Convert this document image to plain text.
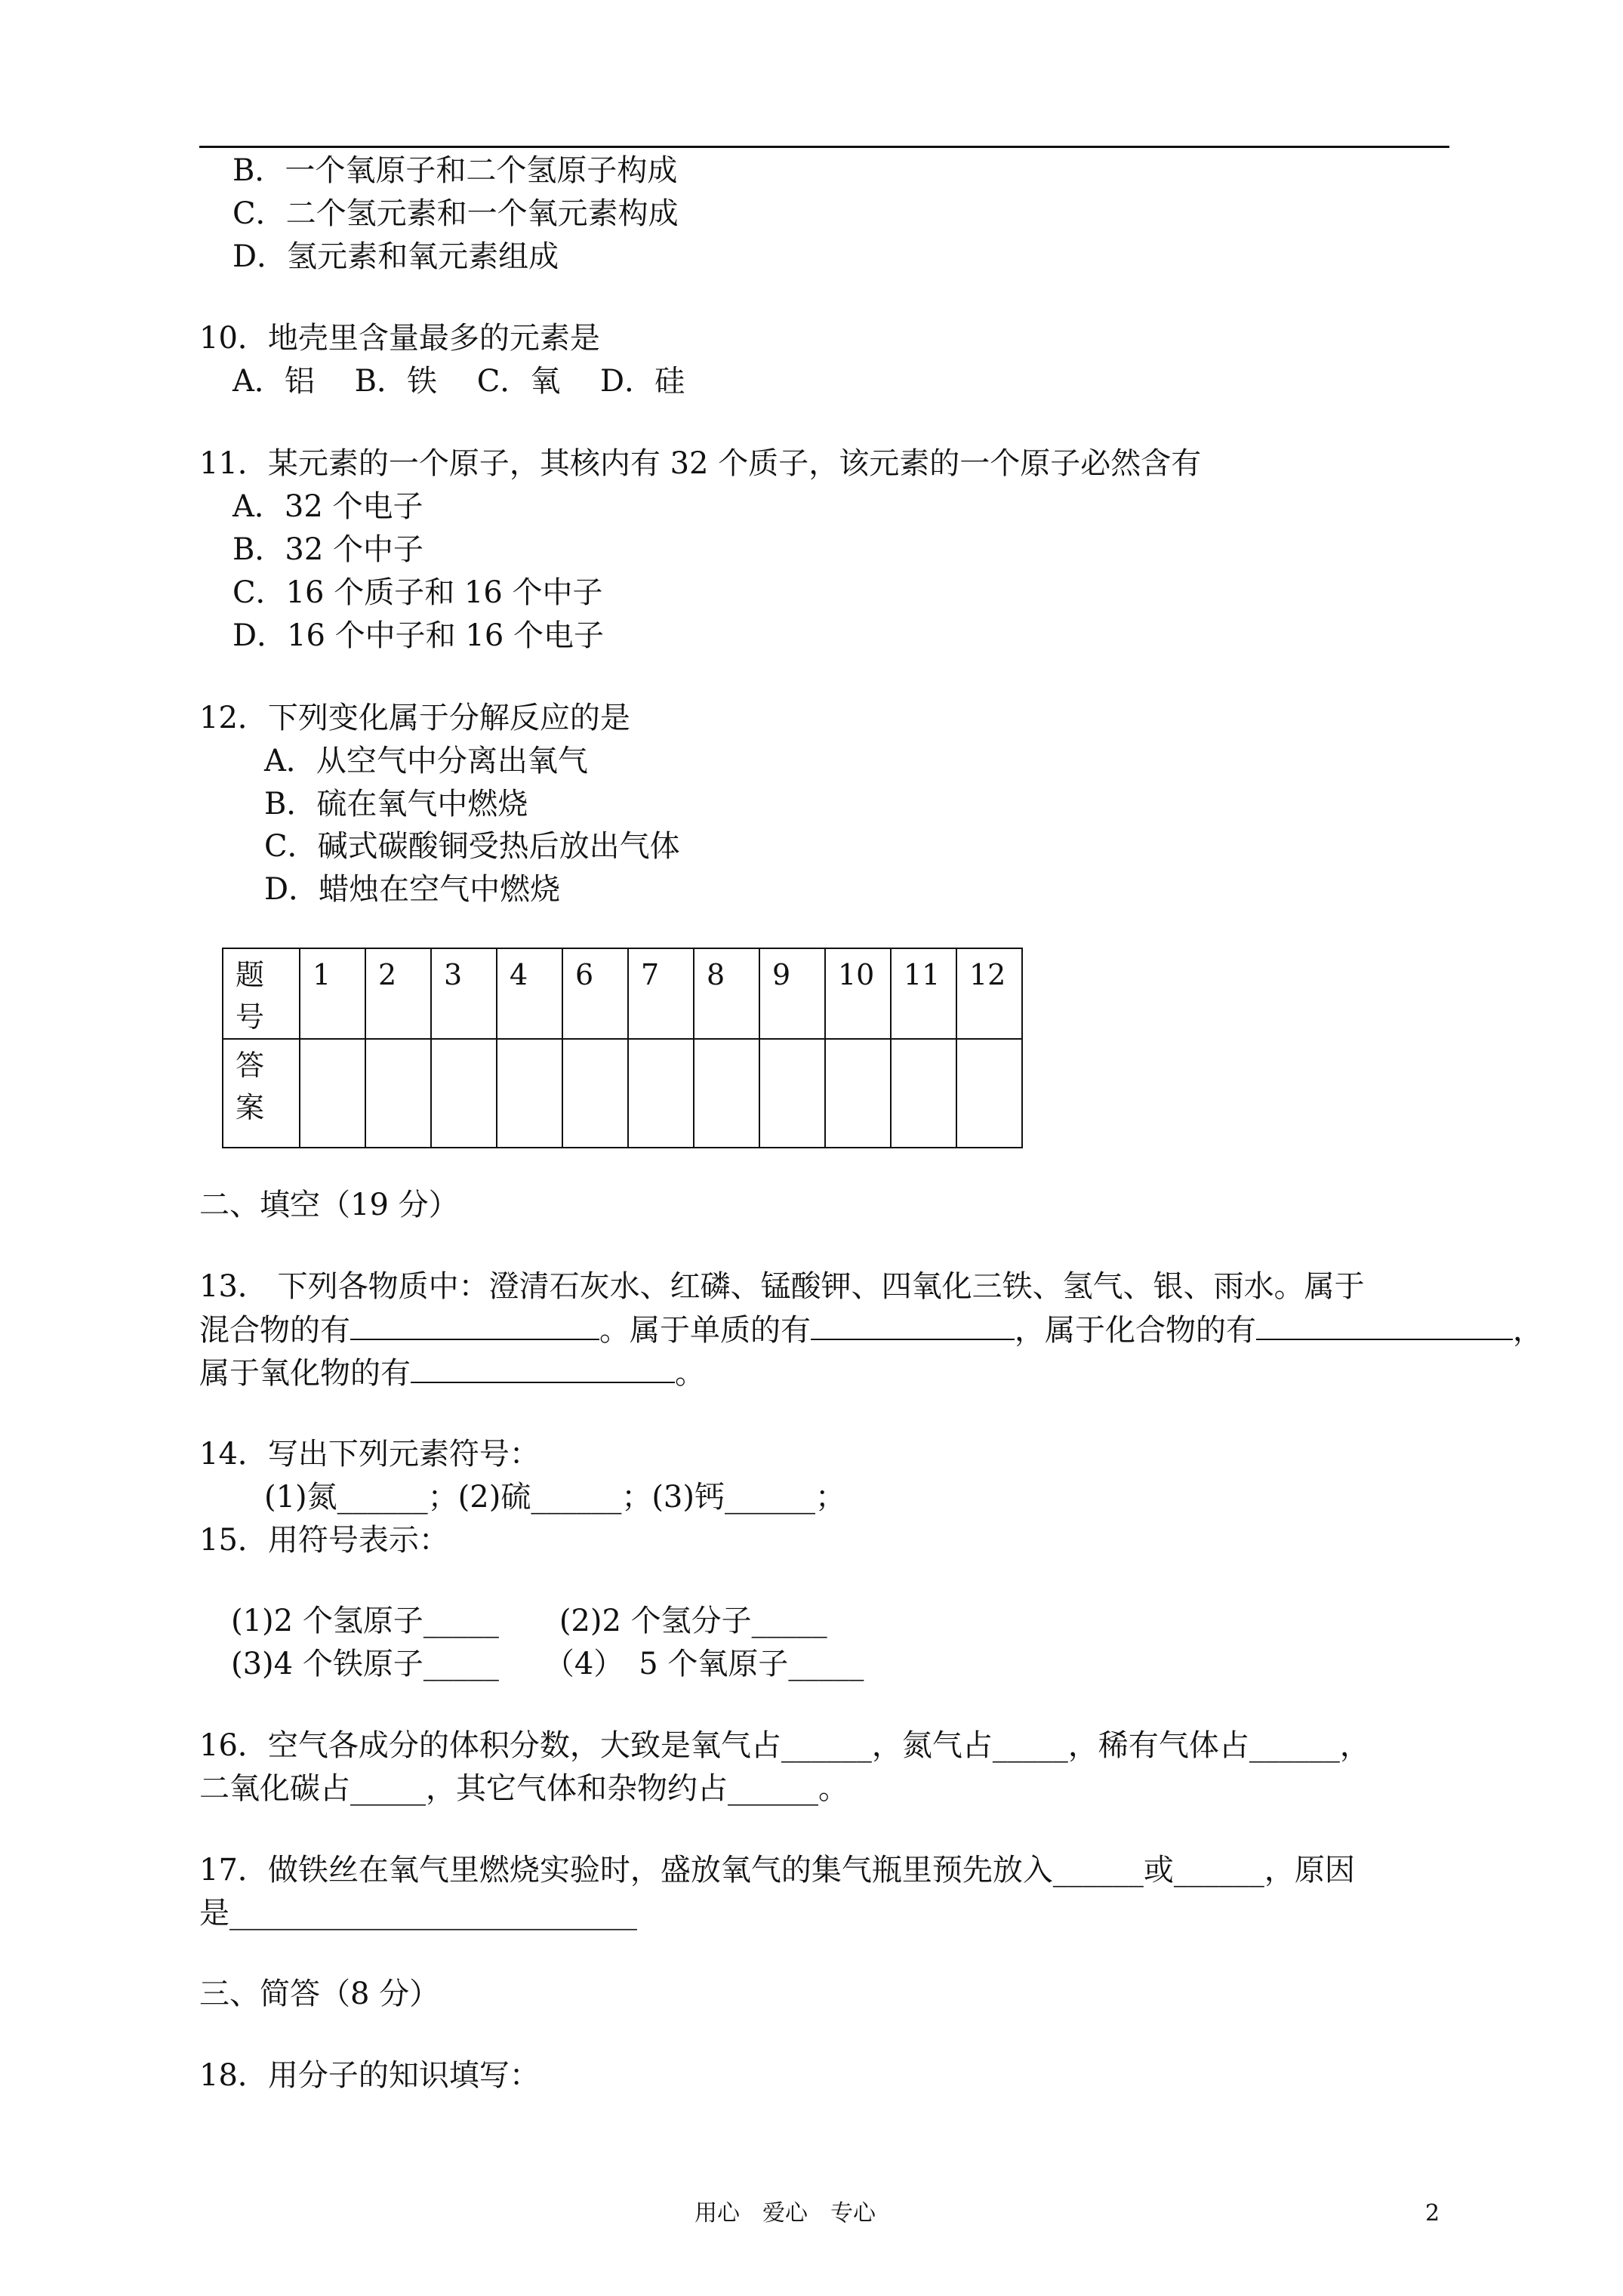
B．一个氧原子和二个氢原子构成
C．二个氢元素和一个氧元素构成
D．氢元素和氧元素组成
10．地壳里含量最多的元素是
A．铝　 B．铁　 C．氧　 D．硅
11．某元素的一个原子，其核内有 32 个质子，该元素的一个原子必然含有
A．32 个电子
B．32 个中子
C．16 个质子和 16 个中子
D．16 个中子和 16 个电子
12．下列变化属于分解反应的是
A．从空气中分离出氧气
B．硫在氧气中燃烧
C．碱式碳酸铜受热后放出气体
D．蜡烛在空气中燃烧
题号	1	2	3	4	6	7	8	9	10	11	12

答案											

二、填空（19 分）
13． 下列各物质中：澄清石灰水、红磷、锰酸钾、四氧化三铁、氢气、银、雨水。属于
混合物的有	。属于单质的有	，属于化合物的有	，
属于氧化物的有	。
14．写出下列元素符号：
(1)氮______；(2)硫______；(3)钙______；
15．用符号表示：
(1)2 个氢原子_____　　(2)2 个氢分子_____
(3)4 个铁原子_____　　（4）　5 个氧原子_____
16．空气各成分的体积分数，大致是氧气占______，氮气占_____，稀有气体占______，
二氧化碳占_____，其它气体和杂物约占______。
17．做铁丝在氧气里燃烧实验时，盛放氧气的集气瓶里预先放入______或______，原因
是___________________________
三、简答（8 分）
18．用分子的知识填写：
用心　爱心　专心	2
